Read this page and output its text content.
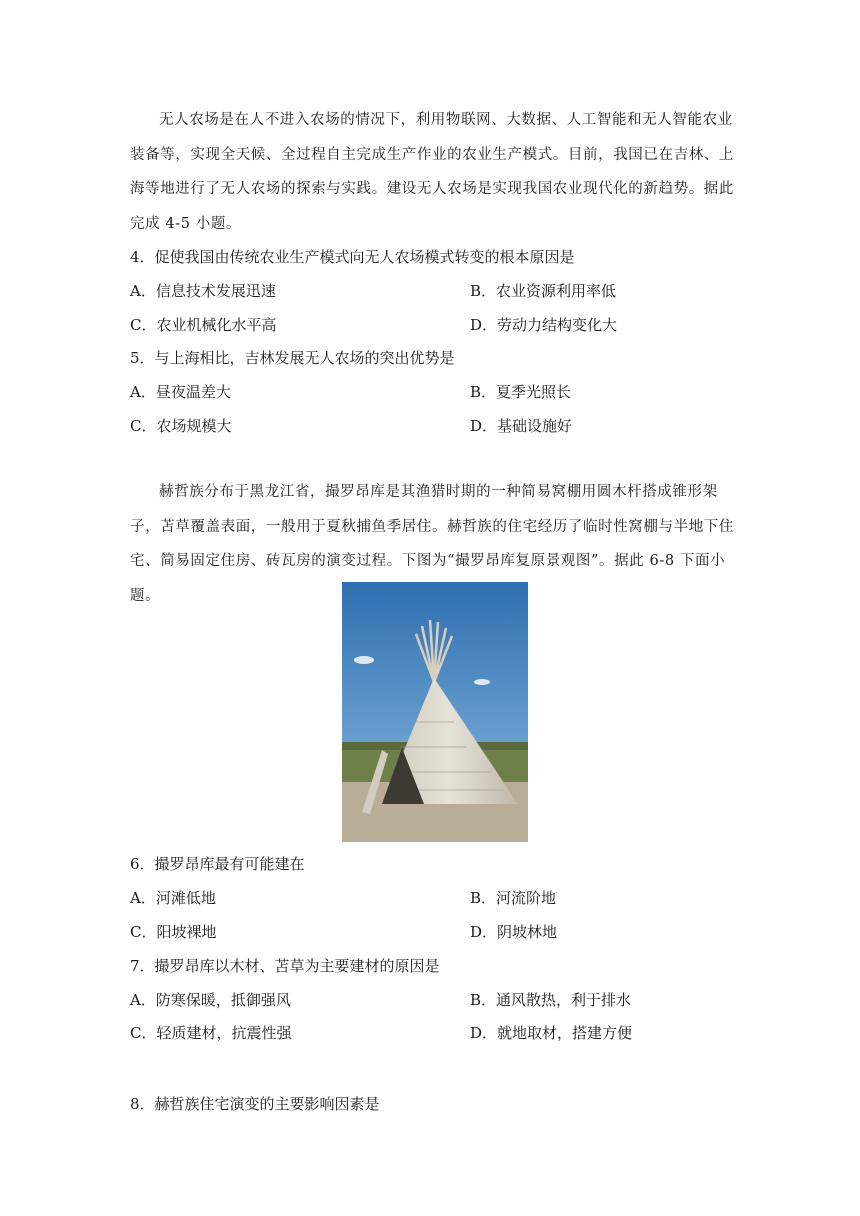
无人农场是在人不进入农场的情况下，利用物联网、大数据、人工智能和无人智能农业装备等，实现全天候、全过程自主完成生产作业的农业生产模式。目前，我国已在吉林、上海等地进行了无人农场的探索与实践。建设无人农场是实现我国农业现代化的新趋势。据此完成 4-5 小题。
4．促使我国由传统农业生产模式向无人农场模式转变的根本原因是
A．信息技术发展迅速	B．农业资源利用率低
C．农业机械化水平高	D．劳动力结构变化大
5．与上海相比，吉林发展无人农场的突出优势是
A．昼夜温差大	B．夏季光照长
C．农场规模大	D．基础设施好
赫哲族分布于黑龙江省，撮罗昂库是其渔猎时期的一种简易窝棚用圆木杆搭成锥形架子，苫草覆盖表面，一般用于夏秋捕鱼季居住。赫哲族的住宅经历了临时性窝棚与半地下住宅、简易固定住房、砖瓦房的演变过程。下图为“撮罗昂库复原景观图”。据此 6-8 下面小题。
6．撮罗昂库最有可能建在
A．河滩低地	B．河流阶地
C．阳坡裸地	D．阴坡林地
7．撮罗昂库以木材、苫草为主要建材的原因是
A．防寒保暖，抵御强风	B．通风散热，利于排水
C．轻质建材，抗震性强	D．就地取材，搭建方便
8．赫哲族住宅演变的主要影响因素是
